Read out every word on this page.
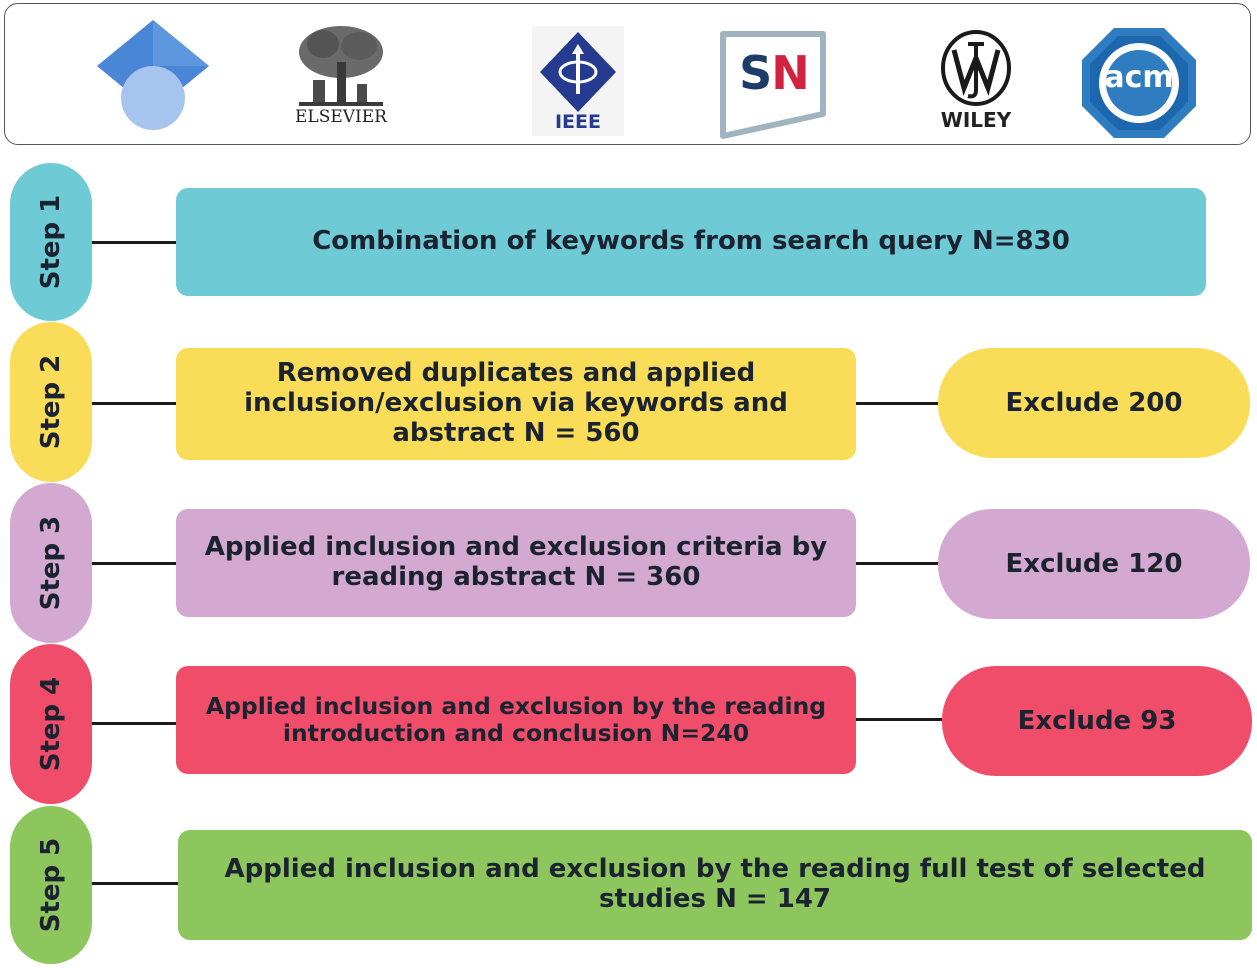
ELSEVIER	IEEE
SN
WILEY
acm
Step 1	Combination of keywords from search query N=830
Step 2	Removed duplicates and applied inclusion/exclusion via keywords and abstract N = 560
Exclude 200
Step 3	Applied inclusion and exclusion criteria by reading abstract N = 360	Exclude 120
Step 4	Applied inclusion and exclusion by the reading introduction and conclusion N=240	Exclude 93
Step 5	Applied inclusion and exclusion by the reading full test of selected studies N = 147
